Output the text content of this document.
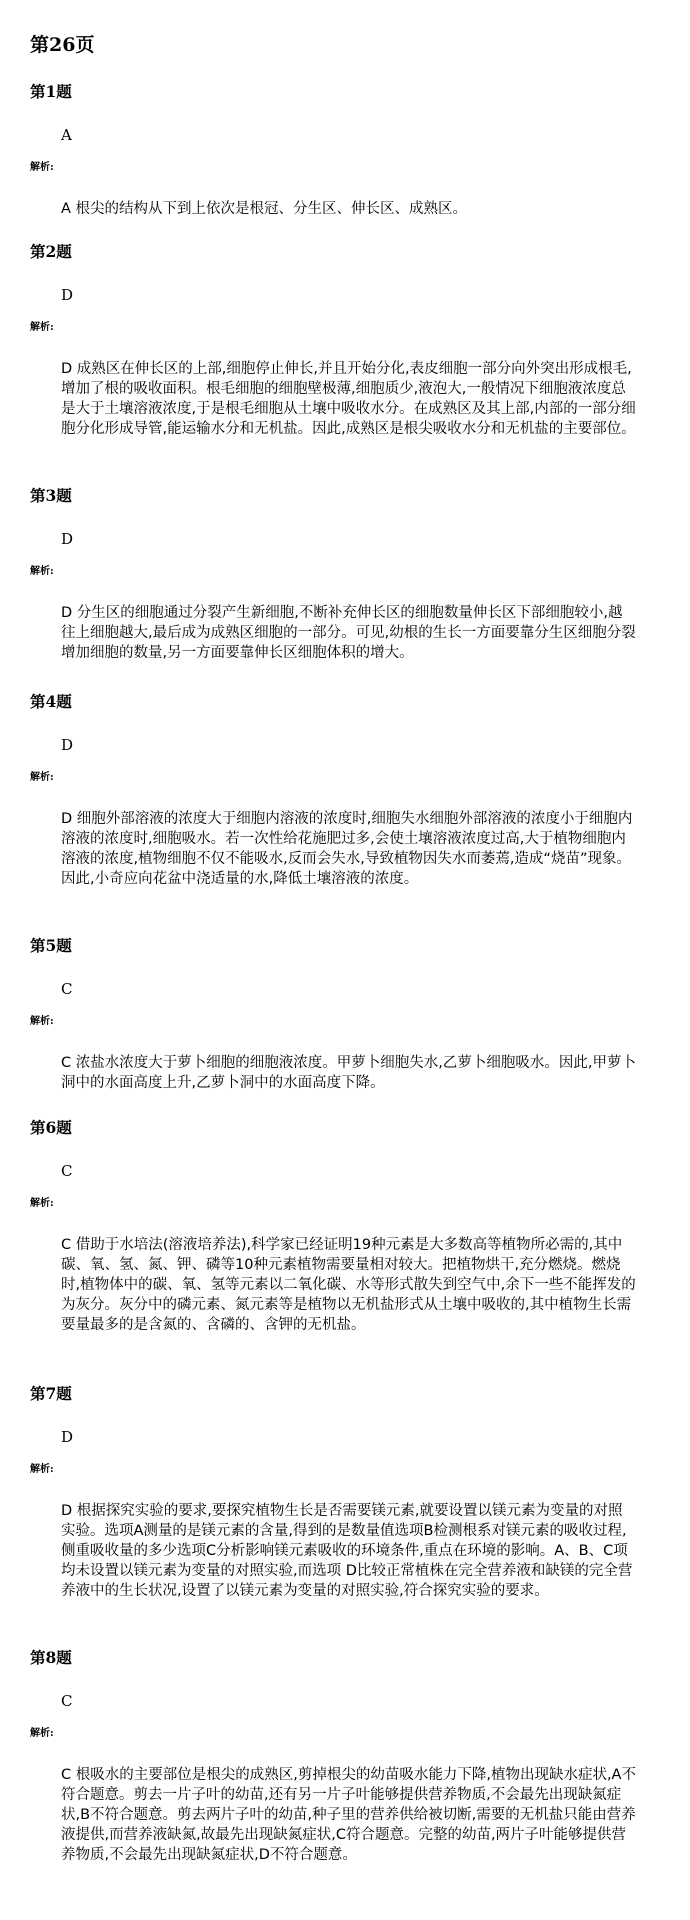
第26页
第1题
A
解析:
A 根尖的结构从下到上依次是根冠、分生区、伸长区、成熟区。
第2题
D
解析:
D 成熟区在伸长区的上部,细胞停止伸长,并且开始分化,表皮细胞一部分向外突出形成根毛,增加了根的吸收面积。根毛细胞的细胞壁极薄,细胞质少,液泡大,一般情况下细胞液浓度总是大于土壤溶液浓度,于是根毛细胞从土壤中吸收水分。在成熟区及其上部,内部的一部分细胞分化形成导管,能运输水分和无机盐。因此,成熟区是根尖吸收水分和无机盐的主要部位。
第3题
D
解析:
D 分生区的细胞通过分裂产生新细胞,不断补充伸长区的细胞数量伸长区下部细胞较小,越往上细胞越大,最后成为成熟区细胞的一部分。可见,幼根的生长一方面要靠分生区细胞分裂增加细胞的数量,另一方面要靠伸长区细胞体积的增大。
第4题
D
解析:
D 细胞外部溶液的浓度大于细胞内溶液的浓度时,细胞失水细胞外部溶液的浓度小于细胞内溶液的浓度时,细胞吸水。若一次性给花施肥过多,会使土壤溶液浓度过高,大于植物细胞内溶液的浓度,植物细胞不仅不能吸水,反而会失水,导致植物因失水而萎蔫,造成“烧苗”现象。因此,小奇应向花盆中浇适量的水,降低土壤溶液的浓度。
第5题
C
解析:
C 浓盐水浓度大于萝卜细胞的细胞液浓度。甲萝卜细胞失水,乙萝卜细胞吸水。因此,甲萝卜洞中的水面高度上升,乙萝卜洞中的水面高度下降。
第6题
C
解析:
C 借助于水培法(溶液培养法),科学家已经证明19种元素是大多数高等植物所必需的,其中碳、氧、氢、氮、钾、磷等10种元素植物需要量相对较大。把植物烘干,充分燃烧。燃烧时,植物体中的碳、氧、氢等元素以二氧化碳、水等形式散失到空气中,余下一些不能挥发的为灰分。灰分中的磷元素、氮元素等是植物以无机盐形式从土壤中吸收的,其中植物生长需要量最多的是含氮的、含磷的、含钾的无机盐。
第7题
D
解析:
D 根据探究实验的要求,要探究植物生长是否需要镁元素,就要设置以镁元素为变量的对照实验。选项A测量的是镁元素的含量,得到的是数量值选项B检测根系对镁元素的吸收过程,侧重吸收量的多少选项C分析影响镁元素吸收的环境条件,重点在环境的影响。A、B、C项均未设置以镁元素为变量的对照实验,而选项 D比较正常植株在完全营养液和缺镁的完全营养液中的生长状况,设置了以镁元素为变量的对照实验,符合探究实验的要求。
第8题
C
解析:
C 根吸水的主要部位是根尖的成熟区,剪掉根尖的幼苗吸水能力下降,植物出现缺水症状,A不符合题意。剪去一片子叶的幼苗,还有另一片子叶能够提供营养物质,不会最先出现缺氮症状,B不符合题意。剪去两片子叶的幼苗,种子里的营养供给被切断,需要的无机盐只能由营养液提供,而营养液缺氮,故最先出现缺氮症状,C符合题意。完整的幼苗,两片子叶能够提供营养物质,不会最先出现缺氮症状,D不符合题意。
